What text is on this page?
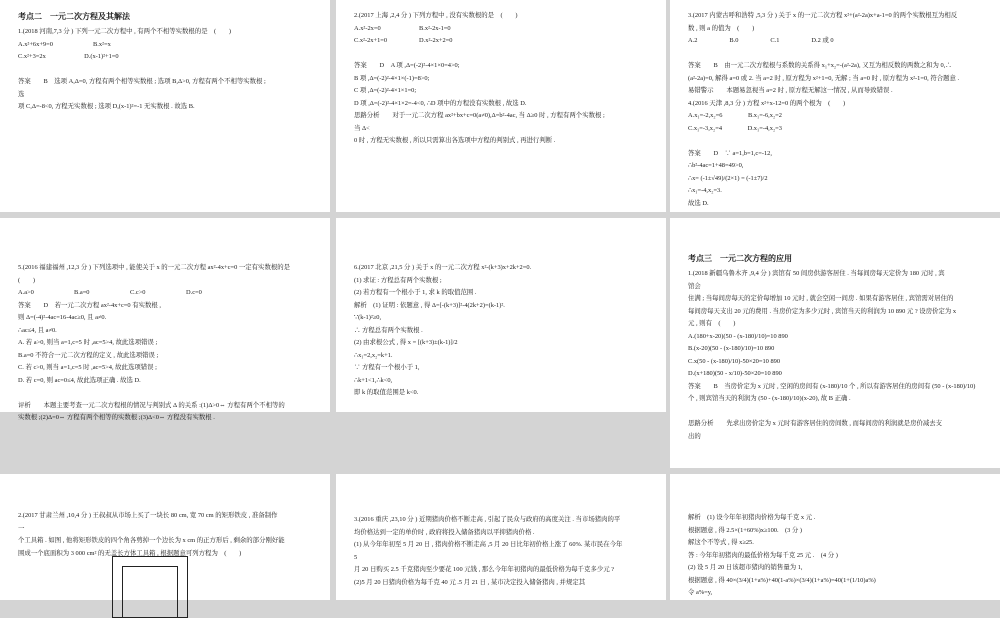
考点二　一元二次方程及其解法
1.(2018 河南,7,3 分 ) 下列一元二次方程中 , 有两个不相等实数根的是　(　　)
A.x²+6x+9=0	B.x²=x
C.x²+3=2x　　　　　　D.(x-1)²+1=0
答案　　B　选项 A,Δ=0, 方程有两个相等实数根 ; 选项 B,Δ>0, 方程有两个不相等实数根 ;
选
项 C,Δ=-8<0, 方程无实数根 ; 选项 D,(x-1)²=-1 无实数根 . 故选 B.
2.(2017 上海 ,2,4 分 ) 下列方程中 , 没有实数根的是　(　　)
A.x²-2x=0　　　　　　B.x²-2x-1=0
C.x²-2x+1=0　　　　　D.x²-2x+2=0
答案　　D　A 项 ,Δ=(-2)²-4×1×0=4>0;
B 项 ,Δ=(-2)²-4×1×(-1)=8>0;
C 项 ,Δ=(-2)²-4×1×1=0;
D 项 ,Δ=(-2)²-4×1×2=-4<0, ∴D 项中的方程没有实数根 , 故选 D.
思路分析　　对于一元二次方程 ax²+bx+c=0(a≠0),Δ=b²-4ac, 当 Δ≥0 时 , 方程有两个实数根 ;
当 Δ<
0 时 , 方程无实数根 , 所以只需算出各选项中方程的判别式 , 再进行判断 .
3.(2017 内蒙古呼和浩特 ,5,3 分 ) 关于 x 的一元二次方程 x²+(a²-2a)x+a-1=0 的两个实数根互为相反
数 , 则 a 的值为　(　　)
A.2　　　　　B.0　　　　　C.1　　　　　D.2 或 0
答案　　B　由一元二次方程根与系数的关系得 x₁+x₂=-(a²-2a), 又互为相反数的两数之和为 0,∴
(a²-2a)=0, 解得 a=0 或 2. 当 a=2 时 , 原方程为 x²+1=0, 无解 ; 当 a=0 时 , 原方程为 x²-1=0, 符合题意 .
易错警示　　本题易忽视当 a=2 时 , 原方程无解这一情况 , 从而导致错误 .
4.(2016 天津 ,8,3 分 ) 方程 x²+x-12=0 的两个根为　(　　)
A.x₁=-2,x₂=6　　　　B.x₁=-6,x₂=2
C.x₁=-3,x₂=4　　　　D.x₁=-4,x₂=3
答案　　D　∵ a=1,b=1,c=-12,
∴b²-4ac=1+48=49>0,
∴x= (-1±√49)/(2×1) = (-1±7)/2
∴x₁=-4,x₂=3.
故选 D.
5.(2016 福建福州 ,12,3 分 ) 下列选项中 , 能使关于 x 的一元二次方程 ax²-4x+c=0 一定有实数根的是
(　　)
A.a>0	B.a=0	C.c>0	D.c=0
答案　　D　若一元二次方程 ax²-4x+c=0 有实数根 ,
则 Δ=(-4)²-4ac=16-4ac≥0, 且 a≠0.
∴ac≤4, 且 a≠0.
A. 若 a>0, 则当 a=1,c=5 时 ,ac=5>4, 故此选项错误 ;
B.a=0 不符合一元二次方程的定义 , 故此选项错误 ;
C. 若 c>0, 则当 a=1,c=5 时 ,ac=5>4, 故此选项错误 ;
D. 若 c=0, 则 ac=0≤4, 故此选项正确 . 故选 D.
评析　　本题主要考查一元二次方程根的情况与判别式 Δ 的关系 :(1)Δ>0⇔ 方程有两个不相等的
实数根 ;(2)Δ=0⇔ 方程有两个相等的实数根 ;(3)Δ<0⇔ 方程没有实数根 .
6.(2017 北京 ,21,5 分 ) 关于 x 的一元二次方程 x²-(k+3)x+2k+2=0.
(1) 求证 : 方程总有两个实数根 ;
(2) 若方程有一个根小于 1, 求 k 的取值范围 .
解析　(1) 证明 : 依题意 , 得 Δ=[-(k+3)]²-4(2k+2)=(k-1)².
∵(k-1)²≥0,
∴ 方程总有两个实数根 .
(2) 由求根公式 , 得 x = [(k+3)±(k-1)]/2
∴x₁=2,x₂=k+1.
∵ 方程有一个根小于 1,
∴k+1<1,∴k<0,
即 k 的取值范围是 k<0.
考点三　一元二次方程的应用
1.(2018 新疆乌鲁木齐 ,9,4 分 ) 宾馆有 50 间房供游客居住 . 当每间房每天定价为 180 元时 , 宾
馆会
住满 ; 当每间房每天的定价每增加 10 元时 , 就会空闲一间房 . 如果有游客居住 , 宾馆需对居住的
每间房每天支出 20 元的费用 . 当房价定为多少元时 , 宾馆当天的利润为 10 890 元 ? 设房价定为 x
元 , 则有　(　　)
A.(180+x-20)(50 - (x-180)/10)=10 890
B.(x-20)(50 - (x-180)/10)=10 890
C.x(50 - (x-180)/10)-50×20=10 890
D.(x+180)(50 - x/10)-50×20=10 890
答案　　B　当房价定为 x 元时 , 空闲的房间有 (x-180)/10 个 , 所以有游客居住的房间有 (50 - (x-180)/10)
个 , 则宾馆当天的利润为 (50 - (x-180)/10)(x-20), 故 B 正确 .
思路分析　　先求出房价定为 x 元时有游客居住的房间数 , 而每间房的利润就是房价减去支
出的
2.(2017 甘肃兰州 ,10,4 分 ) 王叔叔从市场上买了一块长 80 cm, 宽 70 cm 的矩形铁皮 , 准备制作
一
个工具箱 . 如图 , 他将矩形铁皮的四个角各剪掉一个边长为 x cm 的正方形后 , 剩余的部分刚好能
围成一个底面积为 3 000 cm² 的无盖长方体工具箱 , 根据题意可列方程为　(　　)
3.(2016 重庆 ,23,10 分 ) 近期猪肉价格不断走高 , 引起了民众与政府的高度关注 . 当市场猪肉的平
均价格达到一定的单价时 , 政府将投入储备猪肉以平抑猪肉价格 .
(1) 从今年年初至 5 月 20 日 , 猪肉价格不断走高 ,5 月 20 日比年初价格上涨了 60%. 某市民在今年
5
月 20 日购买 2.5 千克猪肉至少要花 100 元钱 , 那么今年年初猪肉的最低价格为每千克多少元 ?
(2)5 月 20 日猪肉价格为每千克 40 元 .5 月 21 日 , 某市决定投入储备猪肉 , 并规定其
解析　(1) 设今年年初猪肉价格为每千克 x 元 .
根据题意 , 得 2.5×(1+60%)x≥100.　(3 分 )
解这个不等式 , 得 x≥25.
答 : 今年年初猪肉的最低价格为每千克 25 元 .　(4 分 )
(2) 设 5 月 20 日该超市猪肉的销售量为 1,
根据题意 , 得 40×(3/4)(1+a%)+40(1-a%)×(3/4)(1+a%)=40(1+(1/10)a%)
令 a%=y,
